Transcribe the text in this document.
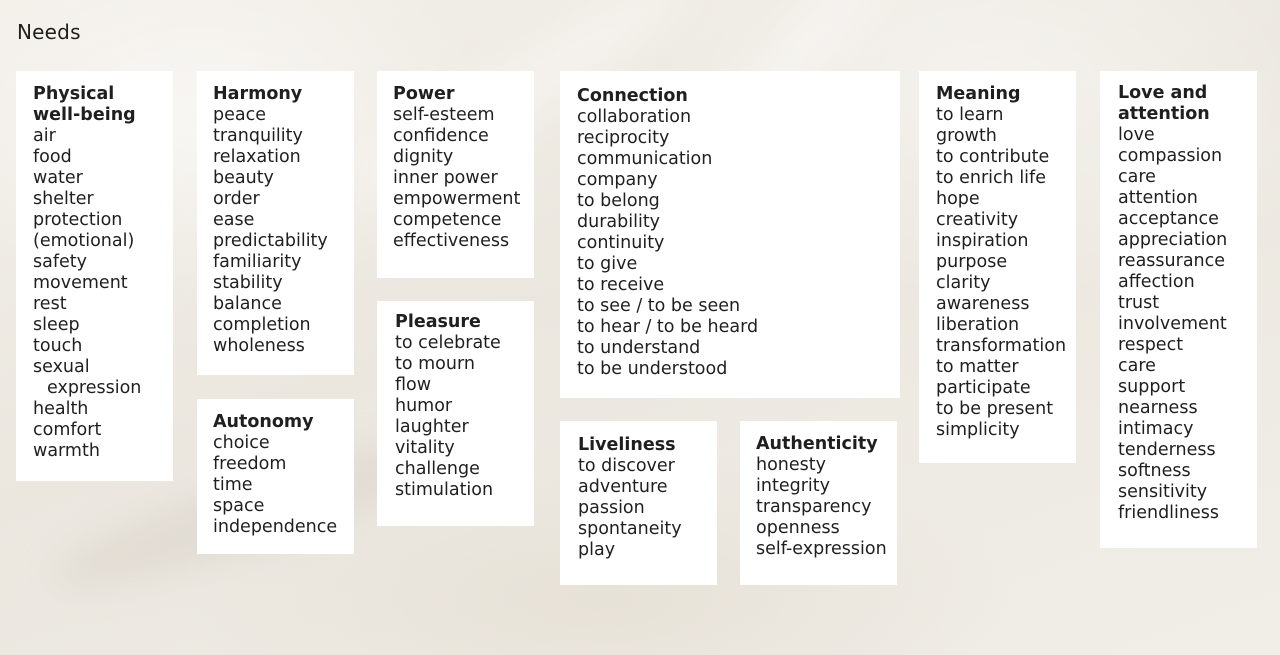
Needs
Physical
well-being
air
food
water
shelter
protection
(emotional)
safety
movement
rest
sleep
touch
sexual
expression
health
comfort
warmth
Harmony
peace
tranquility
relaxation
beauty
order
ease
predictability
familiarity
stability
balance
completion
wholeness
Autonomy
choice
freedom
time
space
independence
Power
self-esteem
confidence
dignity
inner power
empowerment
competence
effectiveness
Pleasure
to celebrate
to mourn
flow
humor
laughter
vitality
challenge
stimulation
Connection
collaboration
reciprocity
communication
company
to belong
durability
continuity
to give
to receive
to see / to be seen
to hear / to be heard
to understand
to be understood
Liveliness
to discover
adventure
passion
spontaneity
play
Authenticity
honesty
integrity
transparency
openness
self-expression
Meaning
to learn
growth
to contribute
to enrich life
hope
creativity
inspiration
purpose
clarity
awareness
liberation
transformation
to matter
participate
to be present
simplicity
Love and
attention
love
compassion
care
attention
acceptance
appreciation
reassurance
affection
trust
involvement
respect
care
support
nearness
intimacy
tenderness
softness
sensitivity
friendliness
